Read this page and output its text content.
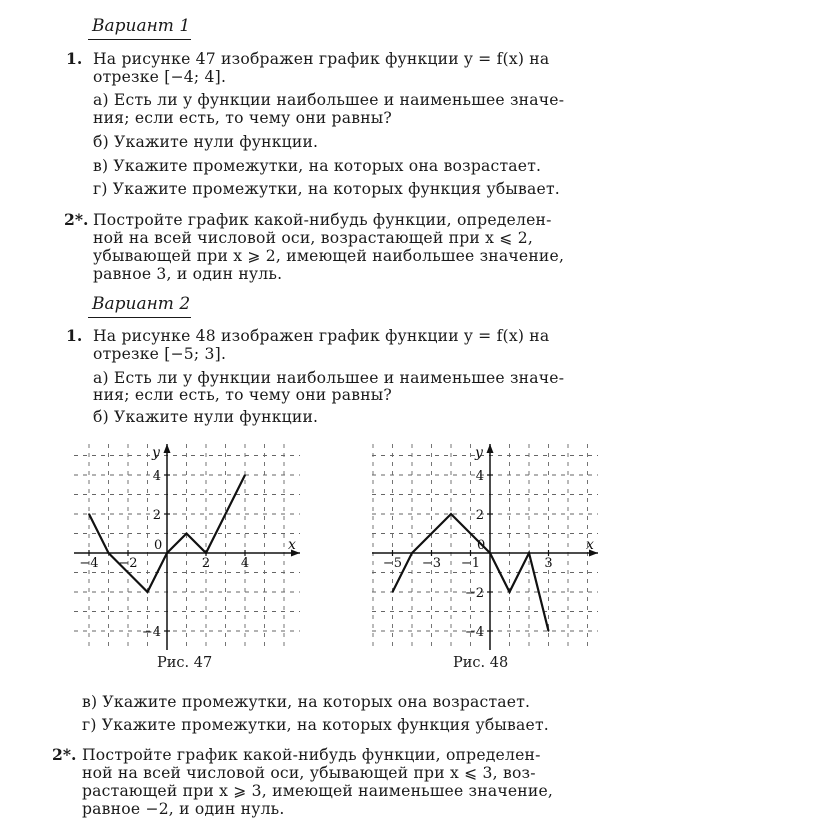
Вариант 1
1. На рисунке 47 изображен график функции y = f(x) на
отрезке [−4; 4].
а) Есть ли у функции наибольшее и наименьшее значе-
ния; если есть, то чему они равны?
б) Укажите нули функции.
в) Укажите промежутки, на которых она возрастает.
г) Укажите промежутки, на которых функция убывает.
2*. Постройте график какой-нибудь функции, определен-
ной на всей числовой оси, возрастающей при x ⩽ 2,
убывающей при x ⩾ 2, имеющей наибольшее значение,
равное 3, и один нуль.
Вариант 2
1. На рисунке 48 изображен график функции y = f(x) на
отрезке [−5; 3].
а) Есть ли у функции наибольшее и наименьшее значе-
ния; если есть, то чему они равны?
б) Укажите нули функции.
x
y
0
−4 −2	2 4
4
2
−4
Рис. 47
x
y
0
−5 −3 −1	3
4
2
−2
−4
Рис. 48
в) Укажите промежутки, на которых она возрастает.
г) Укажите промежутки, на которых функция убывает.
2*. Постройте график какой-нибудь функции, определен-
ной на всей числовой оси, убывающей при x ⩽ 3, воз-
растающей при x ⩾ 3, имеющей наименьшее значение,
равное −2, и один нуль.
